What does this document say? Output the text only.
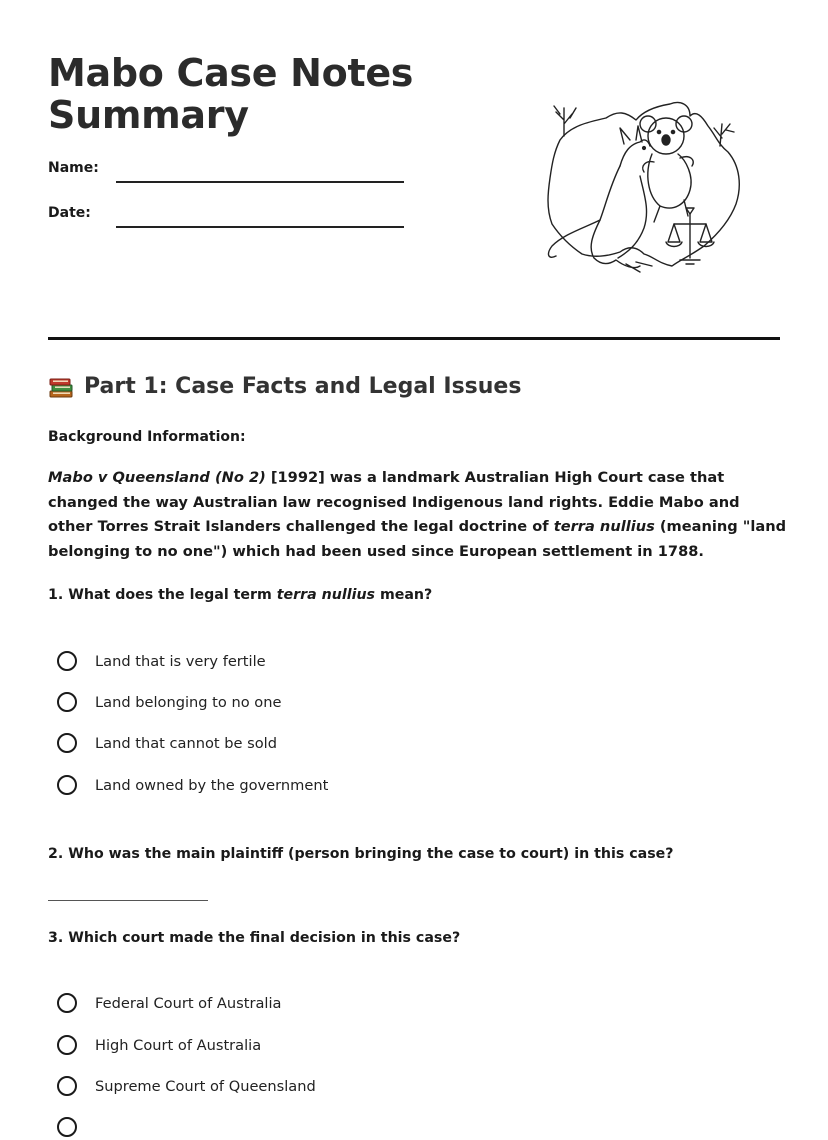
Mabo Case Notes Summary
Name:
Date:
Part 1: Case Facts and Legal Issues
Background Information:
Mabo v Queensland (No 2) [1992] was a landmark Australian High Court case that changed the way Australian law recognised Indigenous land rights. Eddie Mabo and other Torres Strait Islanders challenged the legal doctrine of terra nullius (meaning "land belonging to no one") which had been used since European settlement in 1788.
1. What does the legal term terra nullius mean?
Land that is very fertile
Land belonging to no one
Land that cannot be sold
Land owned by the government
2. Who was the main plaintiff (person bringing the case to court) in this case?
3. Which court made the final decision in this case?
Federal Court of Australia
High Court of Australia
Supreme Court of Queensland
